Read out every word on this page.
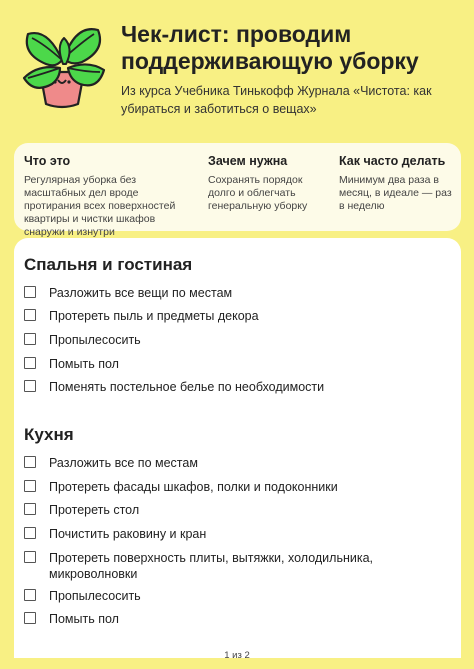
Чек-лист: проводим поддерживающую уборку
Из курса Учебника Тинькофф Журнала «Чистота: как убираться и заботиться о вещах»
Что это

Регулярная уборка без масштабных дел вроде протирания всех поверхностей квартиры и чистки шкафов снаружи и изнутри

Зачем нужна

Сохранять порядок долго и облегчать генеральную уборку

Как часто делать

Минимум два раза в месяц, в идеале — раз в неделю

Спальня и гостиная
Разложить все вещи по местам
Протереть пыль и предметы декора
Пропылесосить
Помыть пол
Поменять постельное белье по необходимости
Кухня
Разложить все по местам
Протереть фасады шкафов, полки и подоконники
Протереть стол
Почистить раковину и кран
Протереть поверхность плиты, вытяжки, холодильника, микроволновки
Пропылесосить
Помыть пол
1 из 2
